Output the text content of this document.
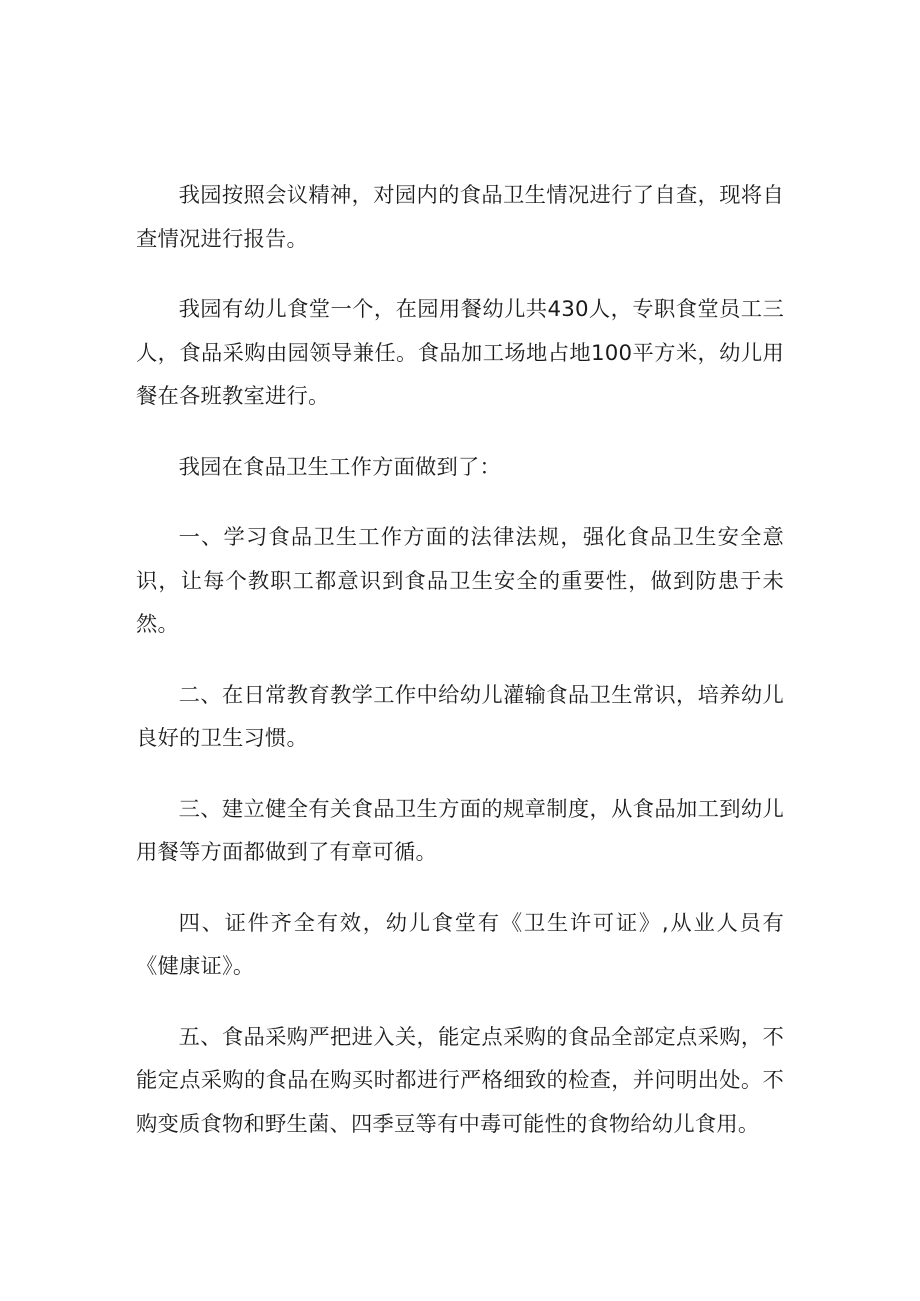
我园按照会议精神，对园内的食品卫生情况进行了自查，现将自查情况进行报告。

我园有幼儿食堂一个，在园用餐幼儿共430人，专职食堂员工三人，食品采购由园领导兼任。食品加工场地占地100平方米，幼儿用餐在各班教室进行。

我园在食品卫生工作方面做到了：

一、学习食品卫生工作方面的法律法规，强化食品卫生安全意识，让每个教职工都意识到食品卫生安全的重要性，做到防患于未然。

二、在日常教育教学工作中给幼儿灌输食品卫生常识，培养幼儿良好的卫生习惯。

三、建立健全有关食品卫生方面的规章制度，从食品加工到幼儿用餐等方面都做到了有章可循。

四、证件齐全有效，幼儿食堂有《卫生许可证》,从业人员有《健康证》。

五、食品采购严把进入关，能定点采购的食品全部定点采购，不能定点采购的食品在购买时都进行严格细致的检查，并问明出处。不购变质食物和野生菌、四季豆等有中毒可能性的食物给幼儿食用。
